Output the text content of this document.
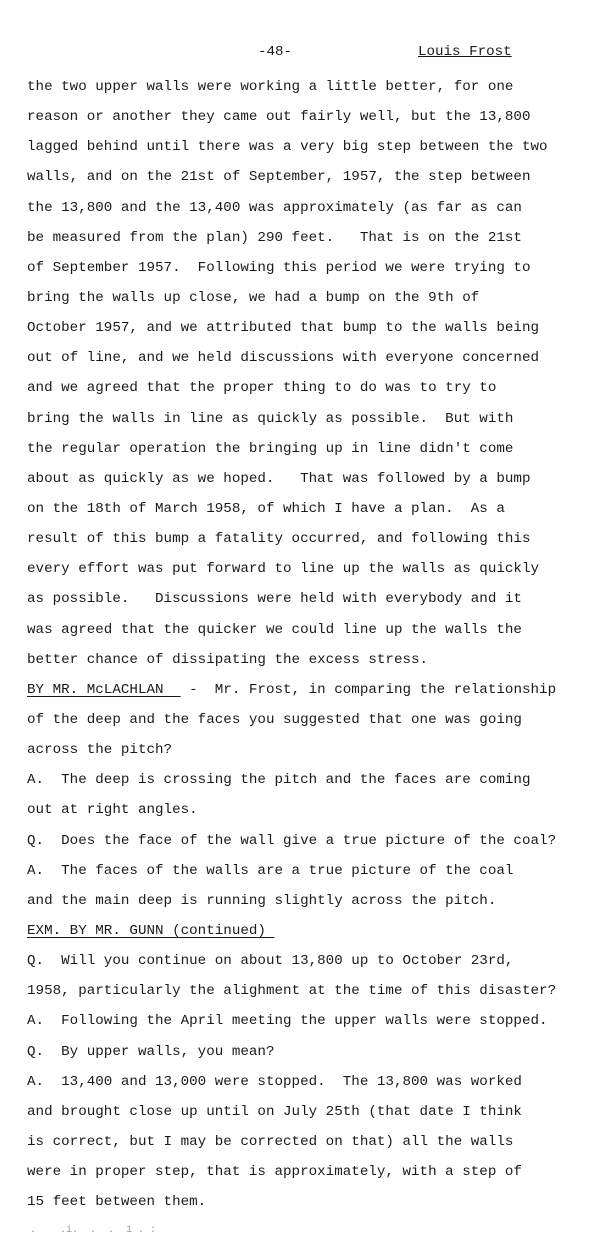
-48-	Louis Frost
the two upper walls were working a little better, for one
reason or another they came out fairly well, but the 13,800
lagged behind until there was a very big step between the two
walls, and on the 21st of September, 1957, the step between
the 13,800 and the 13,400 was approximately (as far as can
be measured from the plan) 290 feet.   That is on the 21st
of September 1957.  Following this period we were trying to
bring the walls up close, we had a bump on the 9th of
October 1957, and we attributed that bump to the walls being
out of line, and we held discussions with everyone concerned
and we agreed that the proper thing to do was to try to
bring the walls in line as quickly as possible.  But with
the regular operation the bringing up in line didn't come
about as quickly as we hoped.   That was followed by a bump
on the 18th of March 1958, of which I have a plan.  As a
result of this bump a fatality occurred, and following this
every effort was put forward to line up the walls as quickly
as possible.   Discussions were held with everybody and it
was agreed that the quicker we could line up the walls the
better chance of dissipating the excess stress.
BY MR. McLACHLAN   -  Mr. Frost, in comparing the relationship
of the deep and the faces you suggested that one was going
across the pitch?
A.  The deep is crossing the pitch and the faces are coming
out at right angles.
Q.  Does the face of the wall give a true picture of the coal?
A.  The faces of the walls are a true picture of the coal
and the main deep is running slightly across the pitch.
EXM. BY MR. GUNN (continued)
Q.  Will you continue on about 13,800 up to October 23rd,
1958, particularly the alighment at the time of this disaster?
A.  Following the April meeting the upper walls were stopped.
Q.  By upper walls, you mean?
A.  13,400 and 13,000 were stopped.  The 13,800 was worked
and brought close up until on July 25th (that date I think
is correct, but I may be corrected on that) all the walls
were in proper step, that is approximately, with a step of
15 feet between them.
.    .i.  .  .  1 . :
